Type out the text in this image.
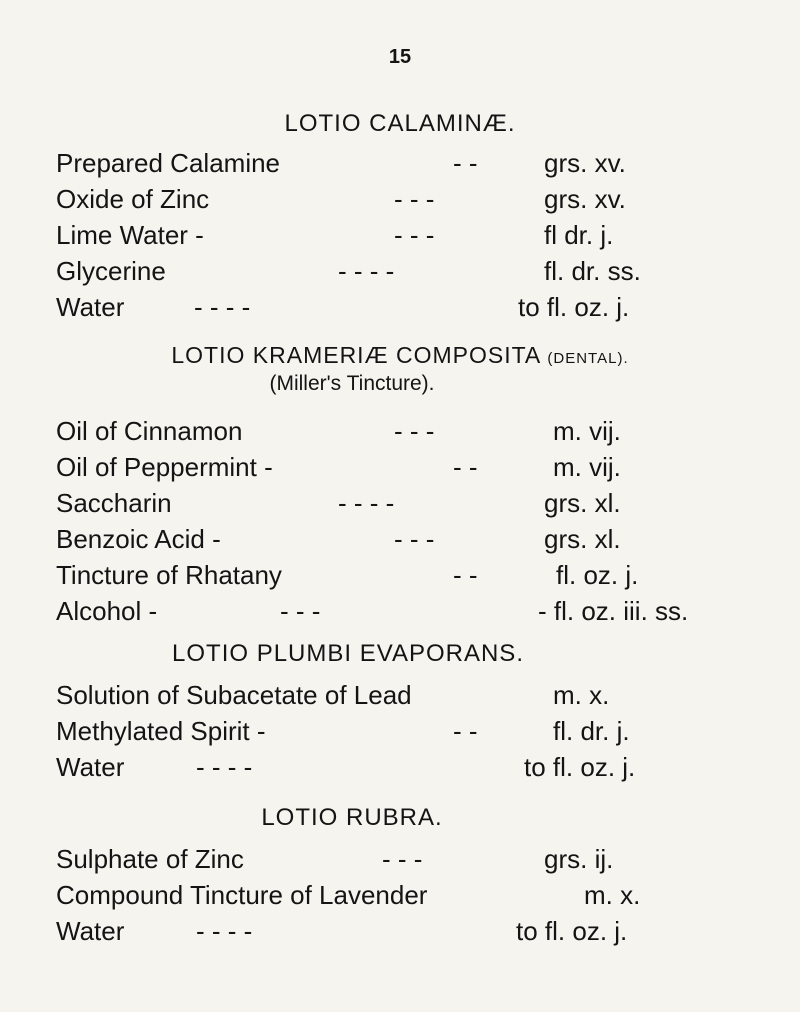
15
LOTIO CALAMINÆ.
Prepared Calamine	- -	grs. xv.
Oxide of Zinc	- - -	grs. xv.
Lime Water -	- - -	fl dr. j.
Glycerine	- - - -	fl. dr. ss.
Water	- - - -	to fl. oz. j.
LOTIO KRAMERIÆ COMPOSITA (DENTAL).
(Miller's Tincture).
Oil of Cinnamon	- - -	m. vij.
Oil of Peppermint -	- -	m. vij.
Saccharin	- - - -	grs. xl.
Benzoic Acid -	- - -	grs. xl.
Tincture of Rhatany	- -	fl. oz. j.
Alcohol -	- - -	- fl. oz. iii. ss.
LOTIO PLUMBI EVAPORANS.
Solution of Subacetate of Lead	m. x.
Methylated Spirit -	- -	fl. dr. j.
Water	- - - -	to fl. oz. j.
LOTIO RUBRA.
Sulphate of Zinc	- - -	grs. ij.
Compound Tincture of Lavender	m. x.
Water	- - - -	to fl. oz. j.
